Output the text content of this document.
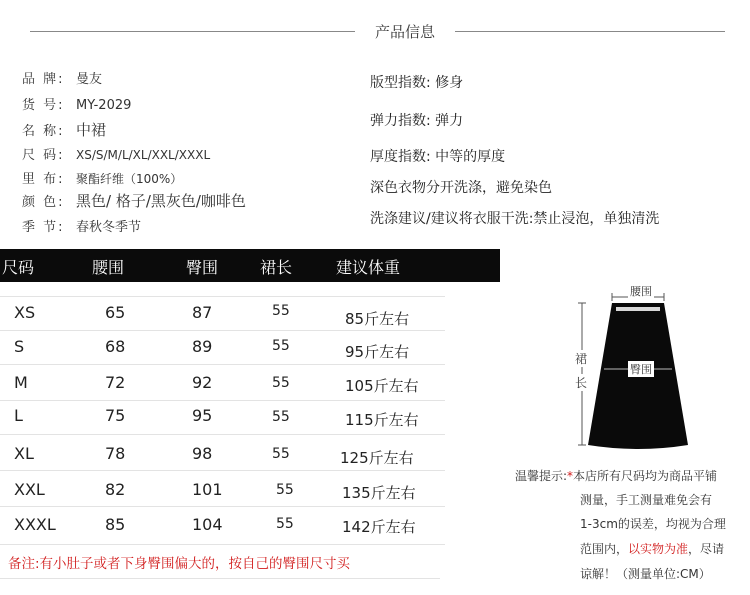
产品信息
品 牌: 曼友
货 号: MY-2029
名 称: 中裙
尺 码: XS/S/M/L/XL/XXL/XXXL
里 布: 聚酯纤维（100%）
颜 色: 黑色/ 格子/黑灰色/咖啡色
季 节: 春秋冬季节
版型指数: 修身
弹力指数: 弹力
厚度指数: 中等的厚度
深色衣物分开洗涤，避免染色
洗涤建议/建议将衣服干洗:禁止浸泡，单独清洗
尺码	腰围	臀围	裙长	建议体重
XS	65	87	55	85斤左右
S	68	89	55	95斤左右
M	72	92	55	105斤左右
L	75	95	55	115斤左右
XL	78	98	55	125斤左右
XXL	82	101	55	135斤左右
XXXL	85	104	55	142斤左右
备注:有小肚子或者下身臀围偏大的，按自己的臀围尺寸买
腰围
臀围
裙
长
温馨提示:*本店所有尺码均为商品平铺
测量，手工测量难免会有
1-3cm的误差，均视为合理
范围内，以实物为准，尽请
谅解！（测量单位:CM）
